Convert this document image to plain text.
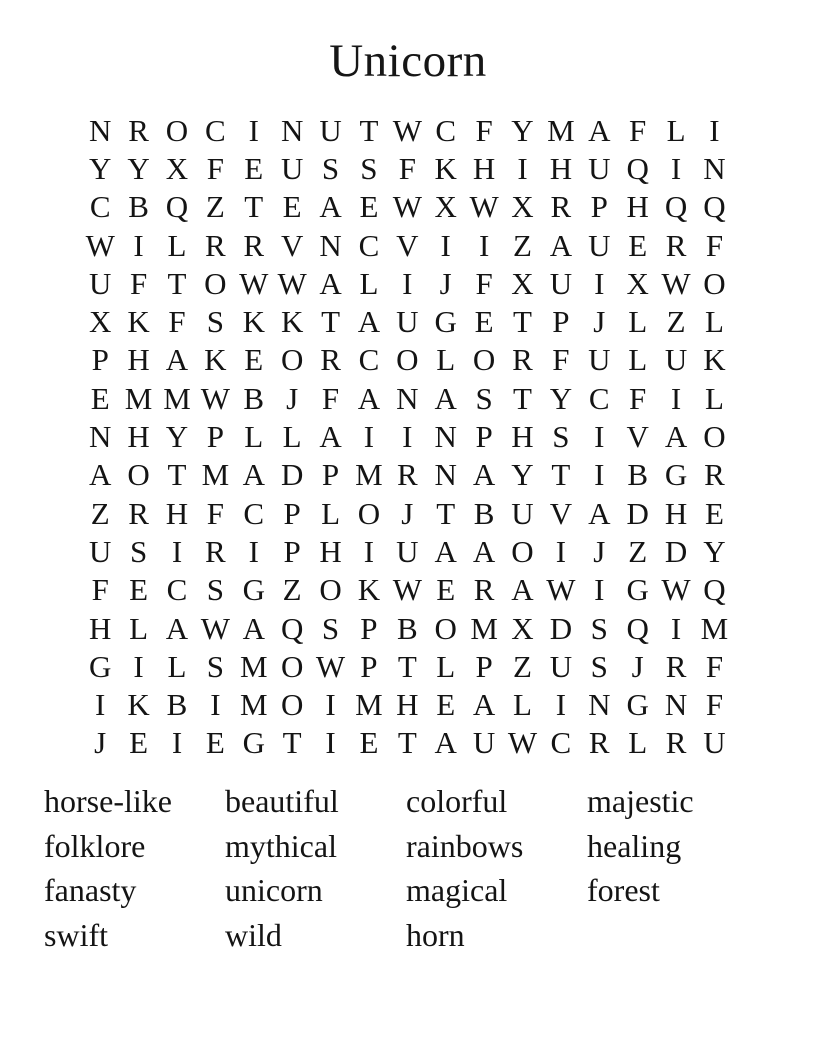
Unicorn
N R O C I N U T W C F Y M A F L I
Y Y X F E U S S F K H I H U Q I N
C B Q Z T E A E W X W X R P H Q Q
W I L R R V N C V I I Z A U E R F
U F T O W W A L I J F X U I X W O
X K F S K K T A U G E T P J L Z L
P H A K E O R C O L O R F U L U K
E M M W B J F A N A S T Y C F I L
N H Y P L L A I I N P H S I V A O
A O T M A D P M R N A Y T I B G R
Z R H F C P L O J T B U V A D H E
U S I R I P H I U A A O I J Z D Y
F E C S G Z O K W E R A W I G W Q
H L A W A Q S P B O M X D S Q I M
G I L S M O W P T L P Z U S J R F
I K B I M O I M H E A L I N G N F
J E I E G T I E T A U W C R L R U
horse-like	beautiful	colorful	majestic
folklore	mythical	rainbows	healing
fanasty	unicorn	magical	forest
swift	wild	horn
